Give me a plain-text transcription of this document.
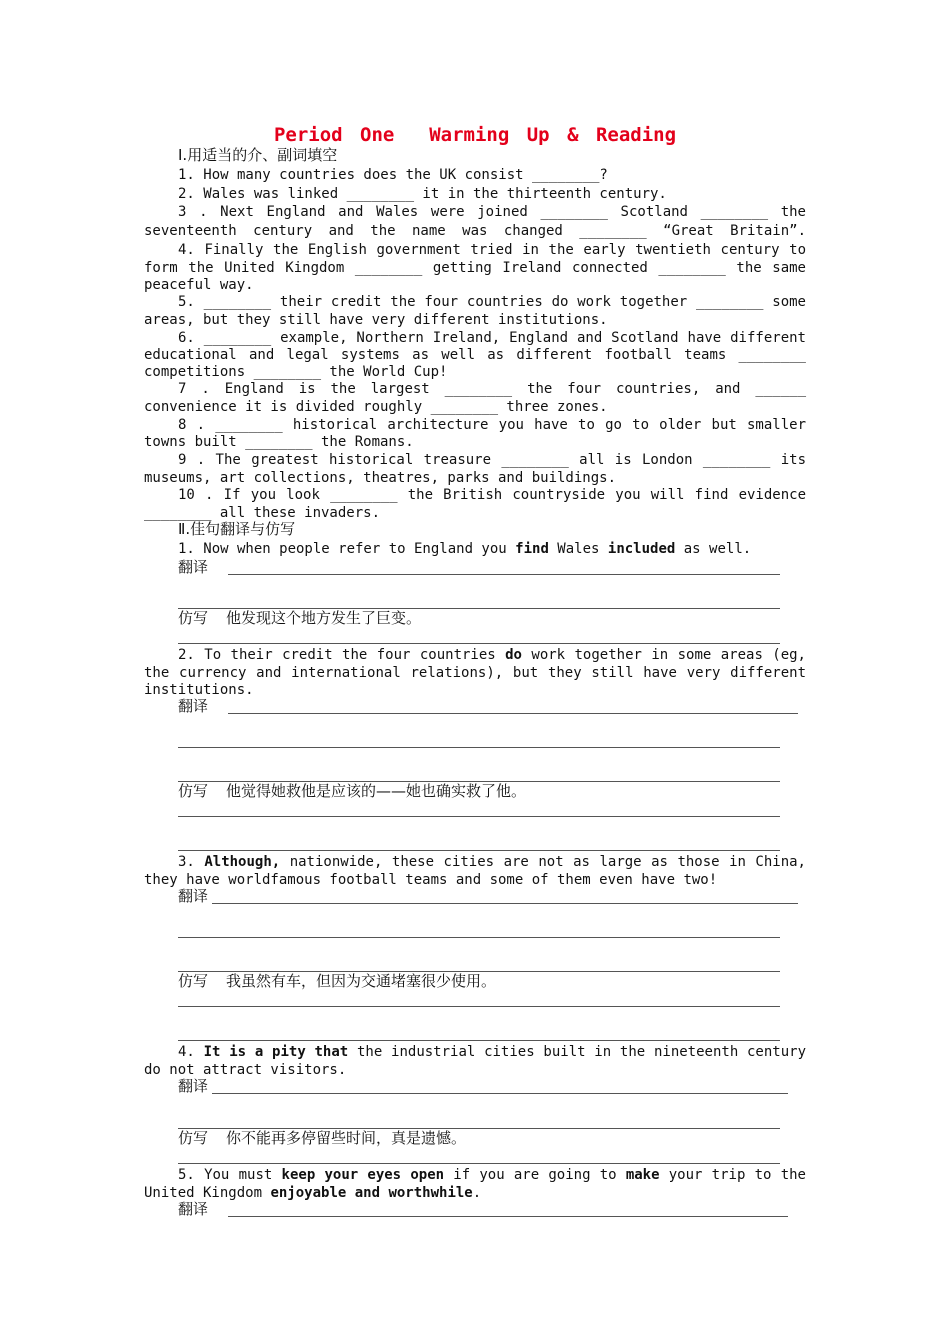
Period One  Warming Up & Reading
Ⅰ.用适当的介、副词填空
1. How many countries does the UK consist ________?
2. Wales was linked ________ it in the thirteenth century.
3 . Next England and Wales were joined ________ Scotland ________ the
seventeenth century and the name was changed ________ “Great Britain”.
4. Finally the English government tried in the early twentieth century to
form the United Kingdom ________ getting Ireland connected ________ the same
peaceful way.
5. ________ their credit the four countries do work together ________ some
areas, but they still have very different institutions.
6. ________ example, Northern Ireland, England and Scotland have different
educational and legal systems as well as different football teams ________
competitions ________ the World Cup!
7 . England is the largest ________ the four countries, and ______
convenience it is divided roughly ________ three zones.
8 . ________ historical architecture you have to go to older but smaller
towns built ________ the Romans.
9 . The greatest historical treasure ________ all is London ________ its
museums, art collections, theatres, parks and buildings.
10 . If you look ________ the British countryside you will find evidence
________ all these invaders.
Ⅱ.佳句翻译与仿写
1. Now when people refer to England you find Wales included as well.
翻译
仿写 他发现这个地方发生了巨变。
2. To their credit the four countries do work together in some areas (eg,
the currency and international relations), but they still have very different
institutions.
翻译
仿写 他觉得她救他是应该的——她也确实救了他。
3. Although, nationwide, these cities are not as large as those in China,
they have worldfamous football teams and some of them even have two!
翻译
仿写 我虽然有车，但因为交通堵塞很少使用。
4. It is a pity that the industrial cities built in the nineteenth century
do not attract visitors.
翻译
仿写 你不能再多停留些时间，真是遗憾。
5. You must keep your eyes open if you are going to make your trip to the
United Kingdom enjoyable and worthwhile.
翻译
